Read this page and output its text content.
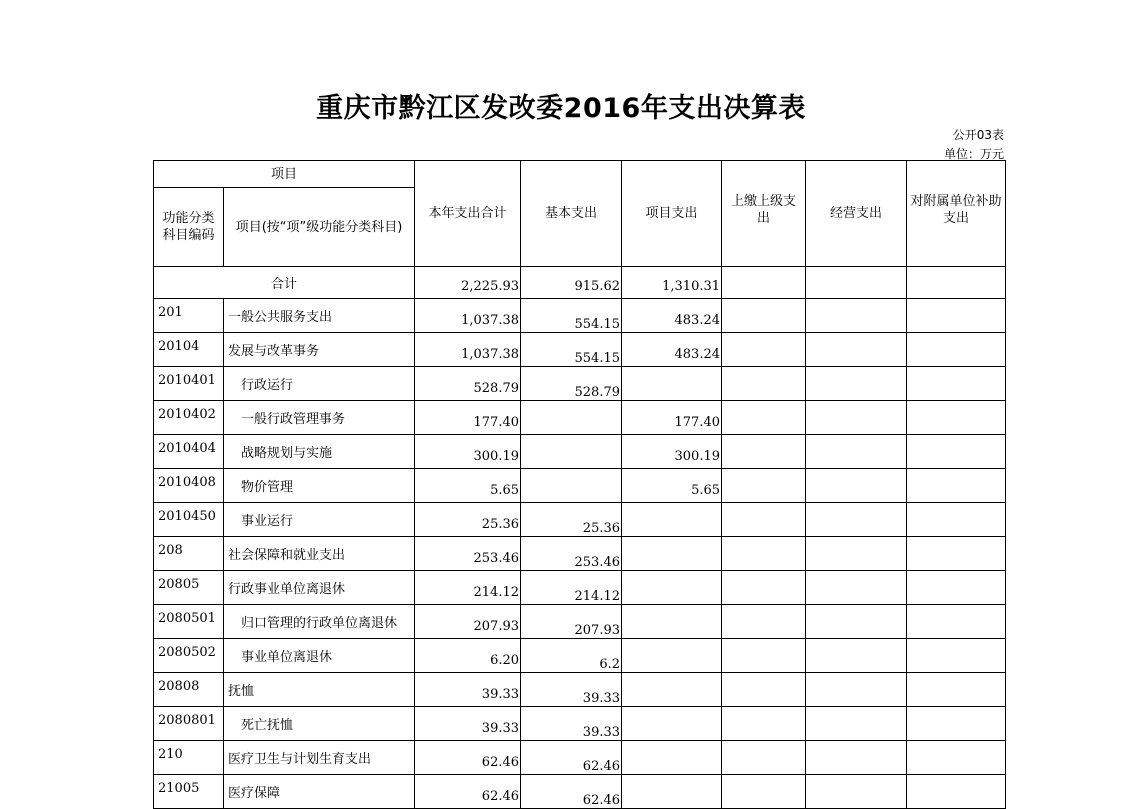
重庆市黔江区发改委2016年支出决算表
公开03表
单位：万元
项目		本年支出合计	基本支出	项目支出	上缴上级支出	经营支出	对附属单位补助支出
功能分类科目编码	项目(按“项”级功能分类科目)						
合计		2,225.93	915.62	1,310.31			
201	一般公共服务支出	1,037.38	554.15	483.24			
20104	发展与改革事务	1,037.38	554.15	483.24			
2010401	行政运行	528.79	528.79				
2010402	一般行政管理事务	177.40		177.40			
2010404	战略规划与实施	300.19		300.19			
2010408	物价管理	5.65		5.65			
2010450	事业运行	25.36	25.36				
208	社会保障和就业支出	253.46	253.46				
20805	行政事业单位离退休	214.12	214.12				
2080501	归口管理的行政单位离退休	207.93	207.93				
2080502	事业单位离退休	6.20	6.2				
20808	抚恤	39.33	39.33				
2080801	死亡抚恤	39.33	39.33				
210	医疗卫生与计划生育支出	62.46	62.46				
21005	医疗保障	62.46	62.46				
